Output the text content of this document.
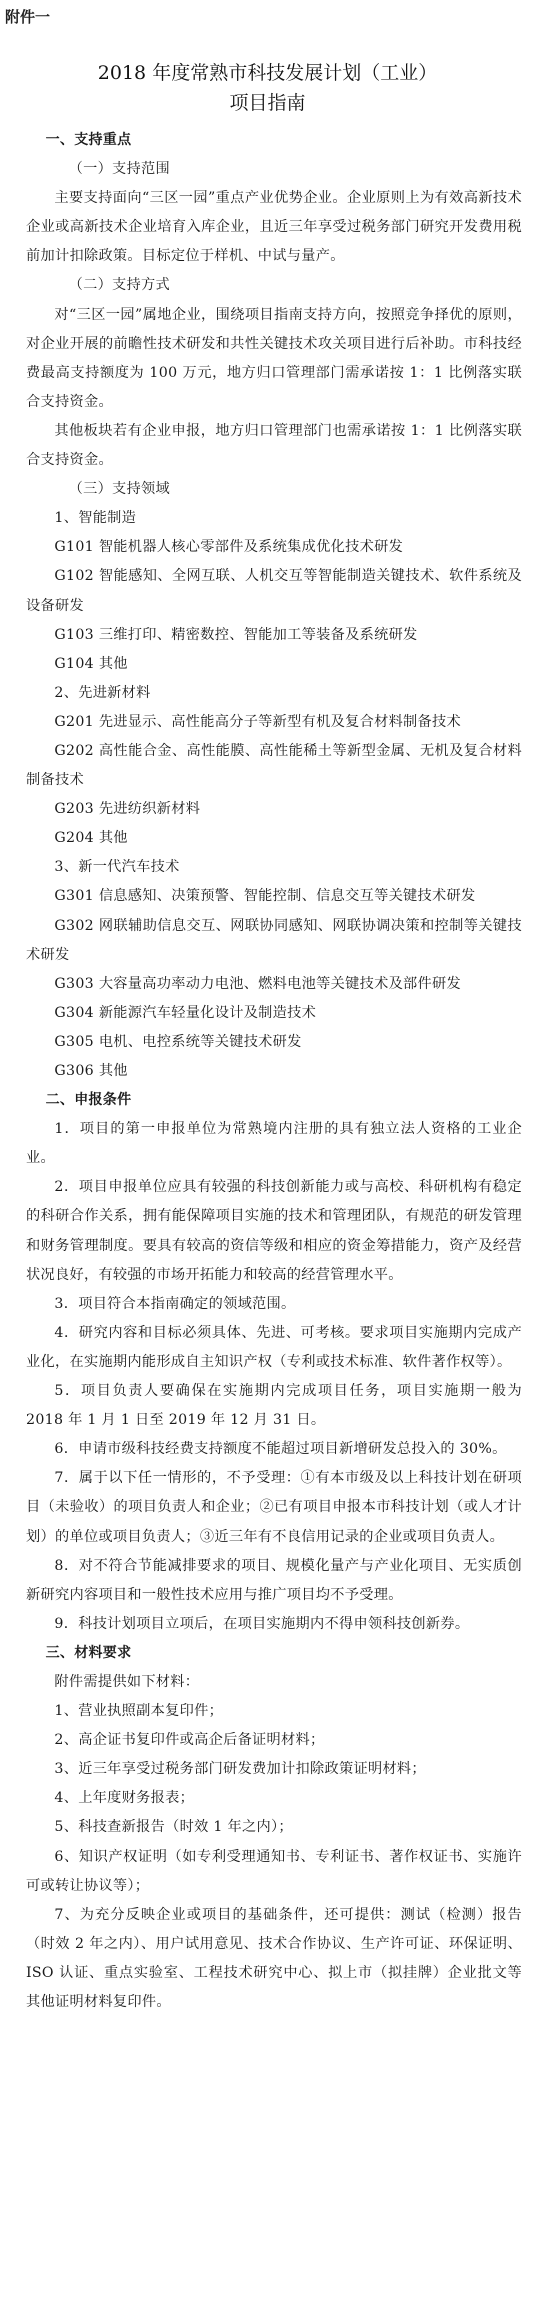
附件一
2018 年度常熟市科技发展计划（工业）
项目指南

一、支持重点

（一）支持范围

主要支持面向“三区一园”重点产业优势企业。企业原则上为有效高新技术企业或高新技术企业培育入库企业，且近三年享受过税务部门研究开发费用税前加计扣除政策。目标定位于样机、中试与量产。

（二）支持方式

对“三区一园”属地企业，围绕项目指南支持方向，按照竞争择优的原则，对企业开展的前瞻性技术研发和共性关键技术攻关项目进行后补助。市科技经费最高支持额度为 100 万元，地方归口管理部门需承诺按 1：1 比例落实联合支持资金。

其他板块若有企业申报，地方归口管理部门也需承诺按 1：1 比例落实联合支持资金。

（三）支持领域

1、智能制造

G101 智能机器人核心零部件及系统集成优化技术研发

G102 智能感知、全网互联、人机交互等智能制造关键技术、软件系统及设备研发

G103 三维打印、精密数控、智能加工等装备及系统研发

G104 其他

2、先进新材料

G201 先进显示、高性能高分子等新型有机及复合材料制备技术

G202 高性能合金、高性能膜、高性能稀土等新型金属、无机及复合材料制备技术

G203 先进纺织新材料

G204 其他

3、新一代汽车技术

G301 信息感知、决策预警、智能控制、信息交互等关键技术研发

G302 网联辅助信息交互、网联协同感知、网联协调决策和控制等关键技术研发

G303 大容量高功率动力电池、燃料电池等关键技术及部件研发

G304 新能源汽车轻量化设计及制造技术

G305 电机、电控系统等关键技术研发

G306 其他

二、申报条件

1．项目的第一申报单位为常熟境内注册的具有独立法人资格的工业企业。

2．项目申报单位应具有较强的科技创新能力或与高校、科研机构有稳定的科研合作关系，拥有能保障项目实施的技术和管理团队，有规范的研发管理和财务管理制度。要具有较高的资信等级和相应的资金筹措能力，资产及经营状况良好，有较强的市场开拓能力和较高的经营管理水平。

3．项目符合本指南确定的领域范围。

4．研究内容和目标必须具体、先进、可考核。要求项目实施期内完成产业化，在实施期内能形成自主知识产权（专利或技术标准、软件著作权等）。

5．项目负责人要确保在实施期内完成项目任务，项目实施期一般为 2018 年 1 月 1 日至 2019 年 12 月 31 日。

6．申请市级科技经费支持额度不能超过项目新增研发总投入的 30%。

7．属于以下任一情形的，不予受理：①有本市级及以上科技计划在研项目（未验收）的项目负责人和企业；②已有项目申报本市科技计划（或人才计划）的单位或项目负责人；③近三年有不良信用记录的企业或项目负责人。

8．对不符合节能减排要求的项目、规模化量产与产业化项目、无实质创新研究内容项目和一般性技术应用与推广项目均不予受理。

9．科技计划项目立项后，在项目实施期内不得申领科技创新券。

三、材料要求

附件需提供如下材料：

1、营业执照副本复印件；

2、高企证书复印件或高企后备证明材料；

3、近三年享受过税务部门研发费加计扣除政策证明材料；

4、上年度财务报表；

5、科技查新报告（时效 1 年之内）；

6、知识产权证明（如专利受理通知书、专利证书、著作权证书、实施许可或转让协议等）；

7、为充分反映企业或项目的基础条件，还可提供：测试（检测）报告（时效 2 年之内）、用户试用意见、技术合作协议、生产许可证、环保证明、ISO 认证、重点实验室、工程技术研究中心、拟上市（拟挂牌）企业批文等其他证明材料复印件。
